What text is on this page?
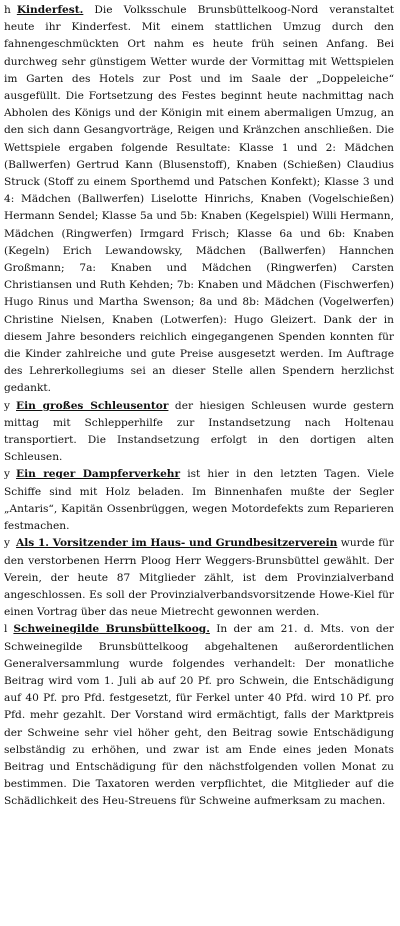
h Kinderfest. Die Volksschule Brunsbüttelkoog-Nord veranstaltet heute ihr Kinderfest. Mit einem stattlichen Umzug durch den fahnengeschmückten Ort nahm es heute früh seinen Anfang. Bei durchweg sehr günstigem Wetter wurde der Vormittag mit Wettspielen im Garten des Hotels zur Post und im Saale der „Doppeleiche“ ausgefüllt. Die Fortsetzung des Festes beginnt heute nachmittag nach Abholen des Königs und der Königin mit einem abermaligen Umzug, an den sich dann Gesangvorträge, Reigen und Kränzchen anschließen. Die Wettspiele ergaben folgende Resultate: Klasse 1 und 2: Mädchen (Ballwerfen) Gertrud Kann (Blusenstoff), Knaben (Schießen) Claudius Struck (Stoff zu einem Sporthemd und Patschen Konfekt); Klasse 3 und 4: Mädchen (Ballwerfen) Liselotte Hinrichs, Knaben (Vogelschießen) Hermann Sendel; Klasse 5a und 5b: Knaben (Kegelspiel) Willi Hermann, Mädchen (Ringwerfen) Irmgard Frisch; Klasse 6a und 6b: Knaben (Kegeln) Erich Lewandowsky, Mädchen (Ballwerfen) Hannchen Großmann; 7a: Knaben und Mädchen (Ringwerfen) Carsten Christiansen und Ruth Kehden; 7b: Knaben und Mädchen (Fischwerfen) Hugo Rinus und Martha Swenson; 8a und 8b: Mädchen (Vogelwerfen) Christine Nielsen, Knaben (Lotwerfen): Hugo Gleizert. Dank der in diesem Jahre besonders reichlich eingegangenen Spenden konnten für die Kinder zahlreiche und gute Preise ausgesetzt werden. Im Auftrage des Lehrerkollegiums sei an dieser Stelle allen Spendern herzlichst gedankt.

y Ein großes Schleusentor der hiesigen Schleusen wurde gestern mittag mit Schlepperhilfe zur Instandsetzung nach Holtenau transportiert. Die Instandsetzung erfolgt in den dortigen alten Schleusen.

y Ein reger Dampferverkehr ist hier in den letzten Tagen. Viele Schiffe sind mit Holz beladen. Im Binnenhafen mußte der Segler „Antaris“, Kapitän Ossenbrüggen, wegen Motordefekts zum Reparieren festmachen.

y Als 1. Vorsitzender im Haus- und Grundbesitzerverein wurde für den verstorbenen Herrn Ploog Herr Weggers-Brunsbüttel gewählt. Der Verein, der heute 87 Mitglieder zählt, ist dem Provinzialverband angeschlossen. Es soll der Provinzialverbandsvorsitzende Howe-Kiel für einen Vortrag über das neue Mietrecht gewonnen werden.

l Schweinegilde Brunsbüttelkoog. In der am 21. d. Mts. von der Schweinegilde Brunsbüttelkoog abgehaltenen außerordentlichen Generalversammlung wurde folgendes verhandelt: Der monatliche Beitrag wird vom 1. Juli ab auf 20 Pf. pro Schwein, die Entschädigung auf 40 Pf. pro Pfd. festgesetzt, für Ferkel unter 40 Pfd. wird 10 Pf. pro Pfd. mehr gezahlt. Der Vorstand wird ermächtigt, falls der Marktpreis der Schweine sehr viel höher geht, den Beitrag sowie Entschädigung selbständig zu erhöhen, und zwar ist am Ende eines jeden Monats Beitrag und Entschädigung für den nächstfolgenden vollen Monat zu bestimmen. Die Taxatoren werden verpflichtet, die Mitglieder auf die Schädlichkeit des Heu-Streuens für Schweine aufmerksam zu machen.
